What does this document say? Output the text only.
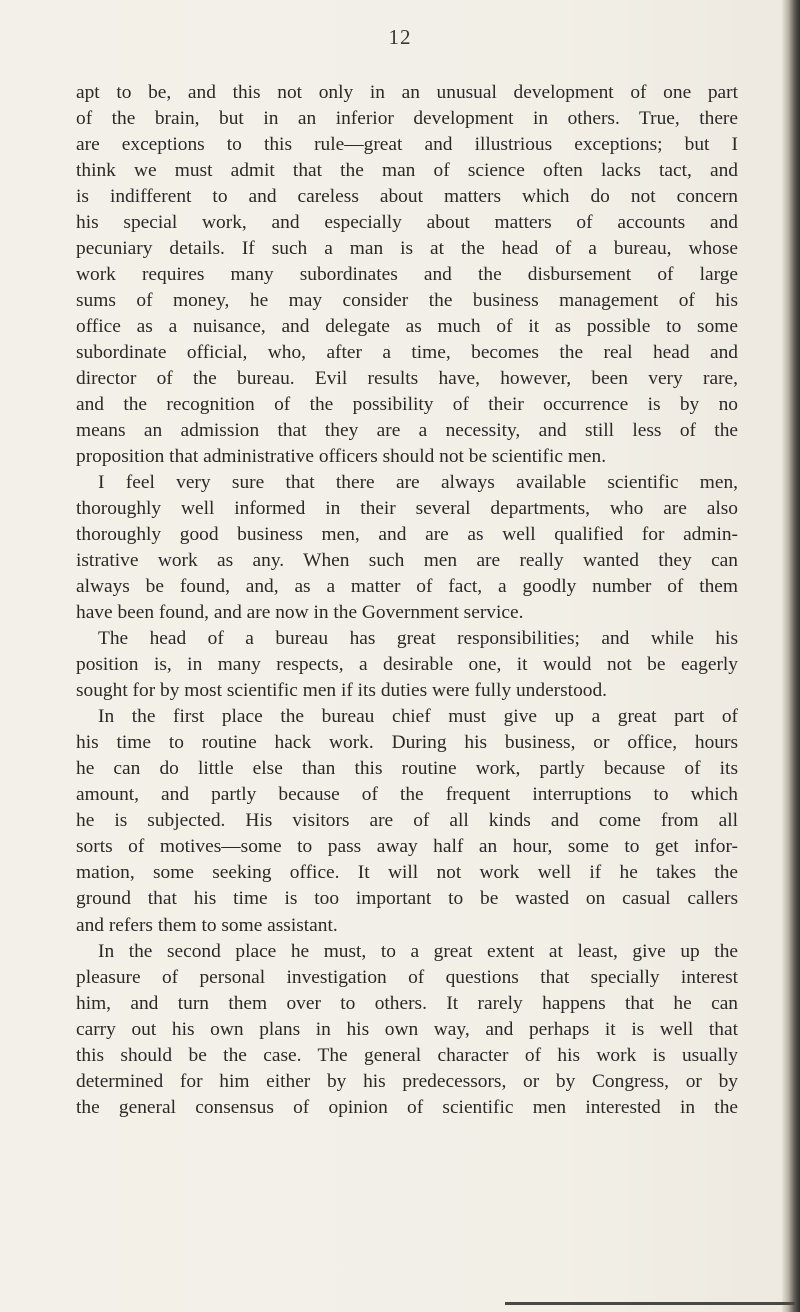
12
apt to be, and this not only in an unusual development of one part
of the brain, but in an inferior development in others. True, there
are exceptions to this rule—great and illustrious exceptions; but I
think we must admit that the man of science often lacks tact, and
is indifferent to and careless about matters which do not concern
his special work, and especially about matters of accounts and
pecuniary details. If such a man is at the head of a bureau, whose
work requires many subordinates and the disbursement of large
sums of money, he may consider the business management of his
office as a nuisance, and delegate as much of it as possible to some
subordinate official, who, after a time, becomes the real head and
director of the bureau. Evil results have, however, been very rare,
and the recognition of the possibility of their occurrence is by no
means an admission that they are a necessity, and still less of the
proposition that administrative officers should not be scientific men.
I feel very sure that there are always available scientific men,
thoroughly well informed in their several departments, who are also
thoroughly good business men, and are as well qualified for admin-
istrative work as any. When such men are really wanted they can
always be found, and, as a matter of fact, a goodly number of them
have been found, and are now in the Government service.
The head of a bureau has great responsibilities; and while his
position is, in many respects, a desirable one, it would not be eagerly
sought for by most scientific men if its duties were fully understood.
In the first place the bureau chief must give up a great part of
his time to routine hack work. During his business, or office, hours
he can do little else than this routine work, partly because of its
amount, and partly because of the frequent interruptions to which
he is subjected. His visitors are of all kinds and come from all
sorts of motives—some to pass away half an hour, some to get infor-
mation, some seeking office. It will not work well if he takes the
ground that his time is too important to be wasted on casual callers
and refers them to some assistant.
In the second place he must, to a great extent at least, give up the
pleasure of personal investigation of questions that specially interest
him, and turn them over to others. It rarely happens that he can
carry out his own plans in his own way, and perhaps it is well that
this should be the case. The general character of his work is usually
determined for him either by his predecessors, or by Congress, or by
the general consensus of opinion of scientific men interested in the
